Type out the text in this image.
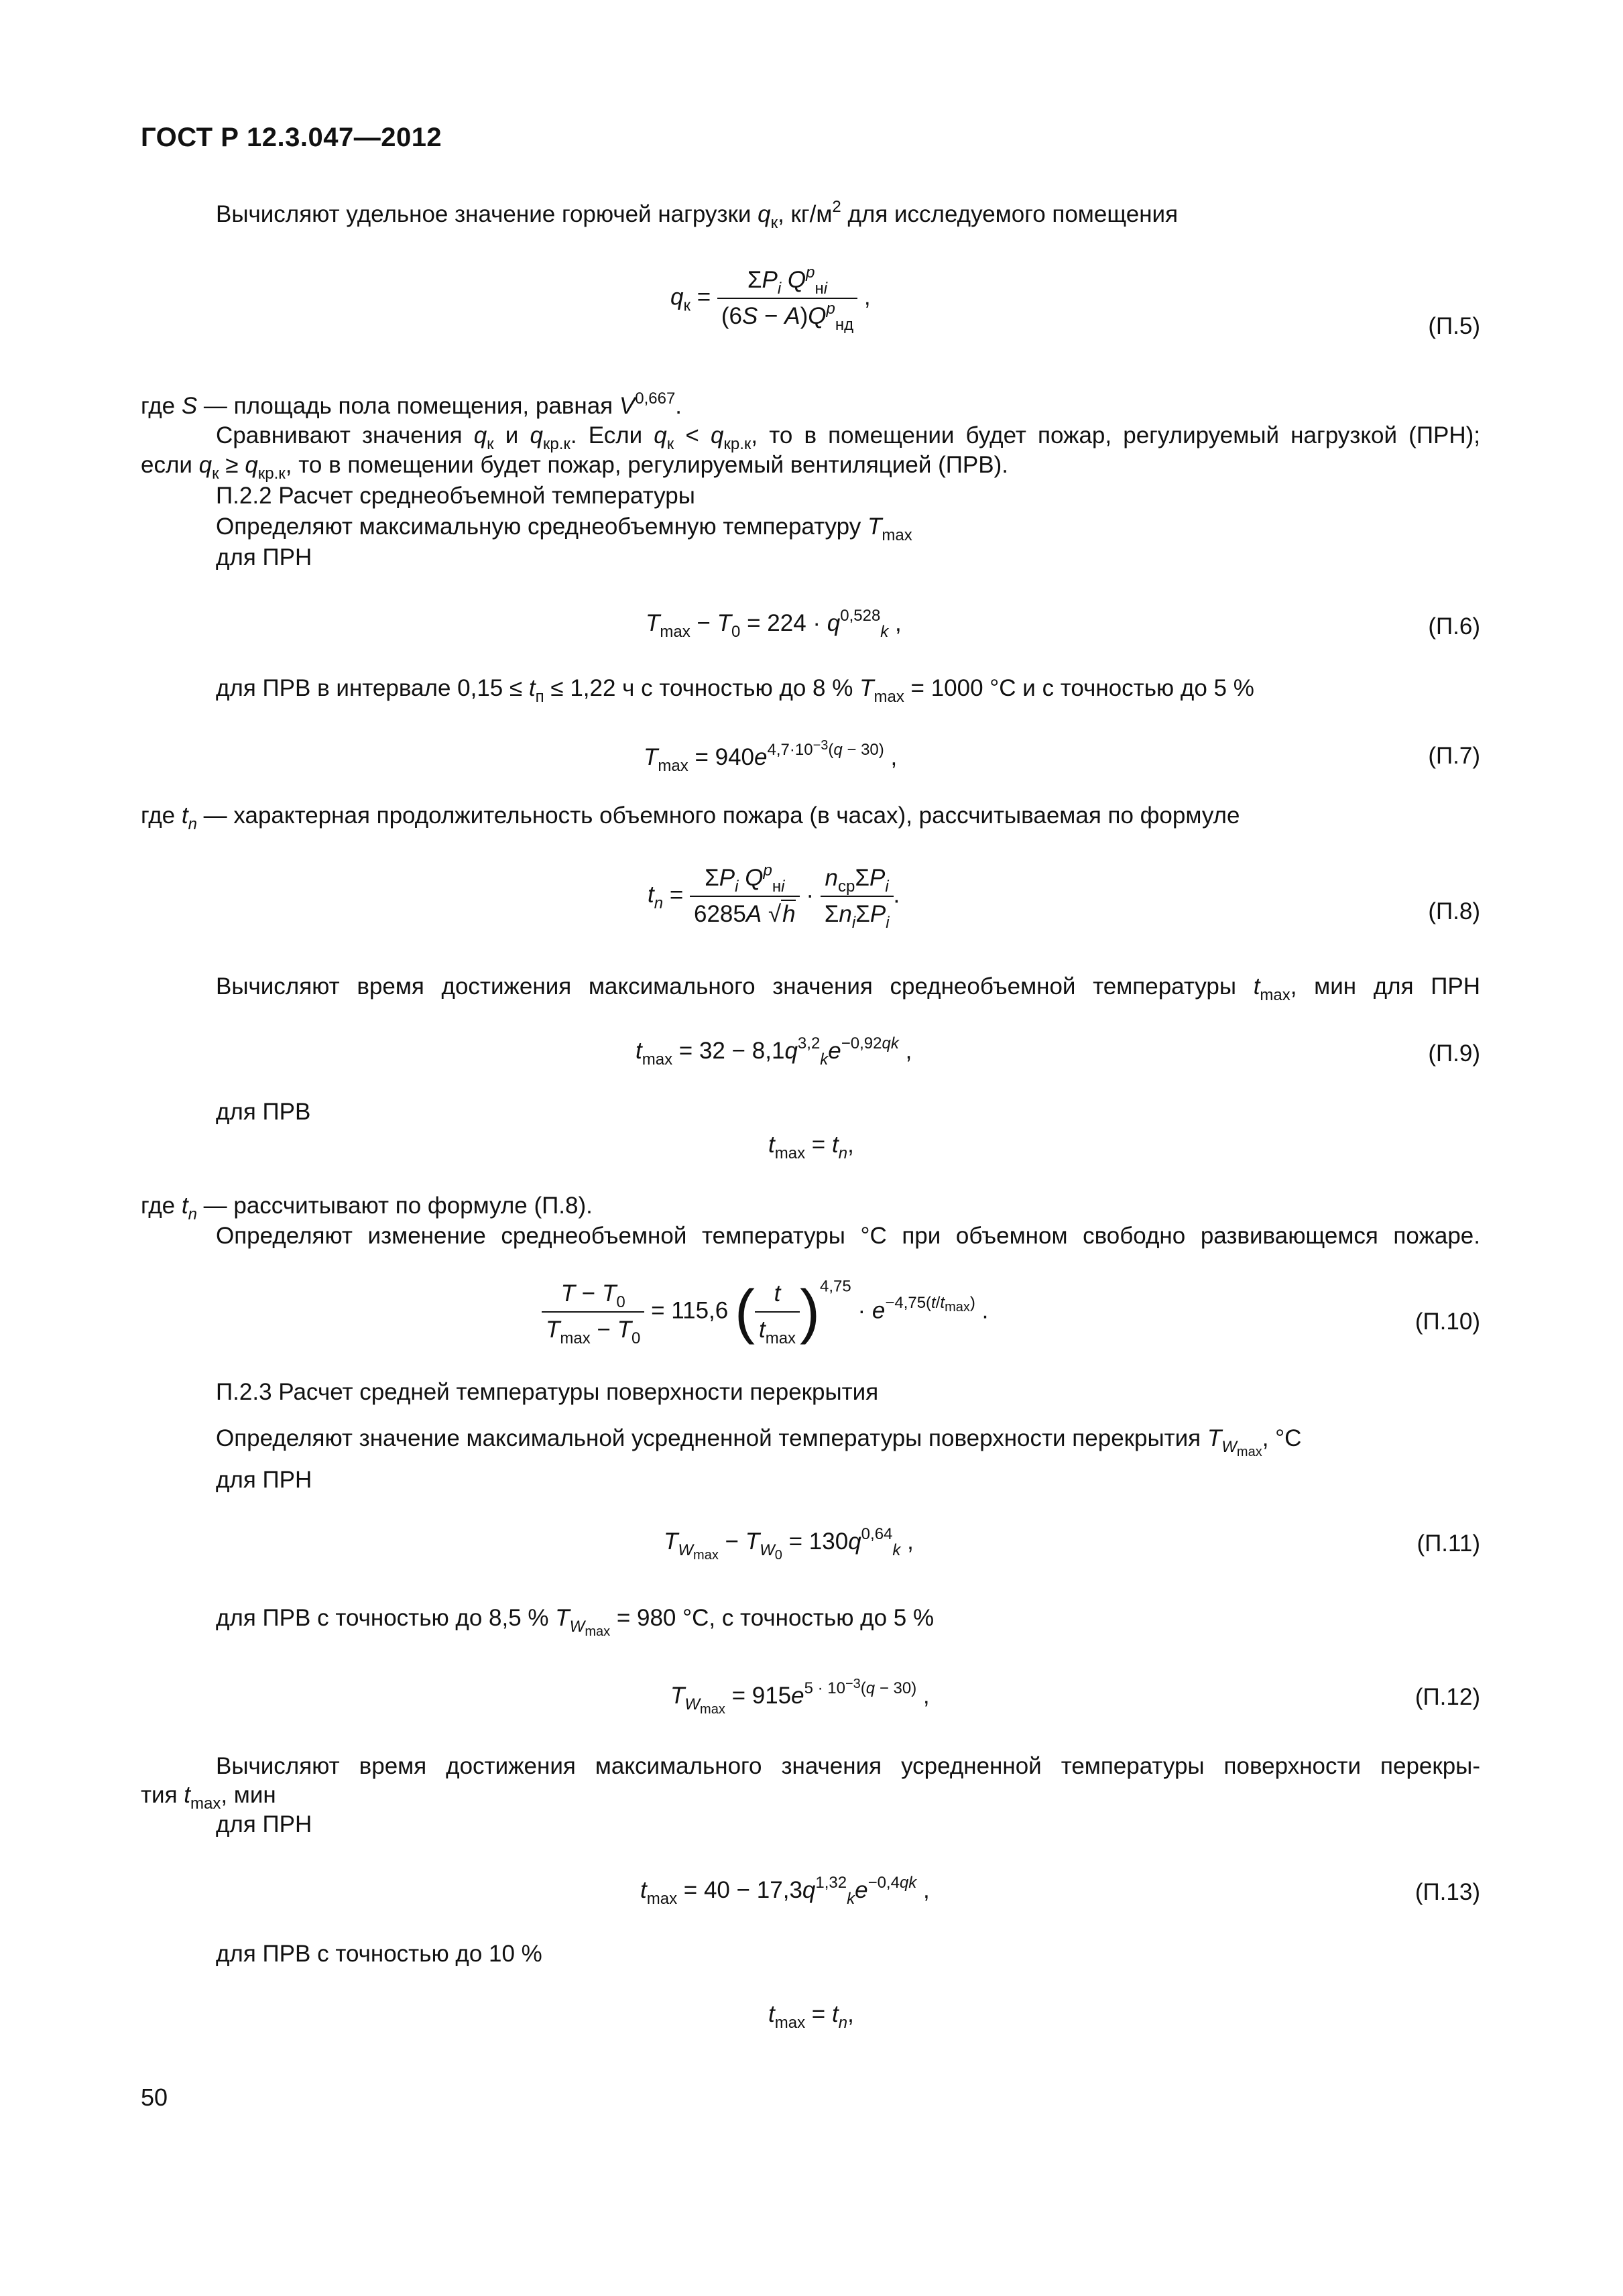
ГОСТ Р 12.3.047—2012
Вычисляют удельное значение горючей нагрузки $q_к$, $кг/м^2$ для исследуемого помещения
$q_к = \frac{\Sigma P_i Q^р_{нi}}{(6S - A)Q^р_{нд}}$ ,
(П.5)
где S — площадь пола помещения, равная V$^{0,667}$.
Сравнивают значения $q_к$ и $q_{кр.к}$. Если $q_к < q_{кр.к}$, то в помещении будет пожар, регулируемый нагрузкой (ПРН);
если $q_к \ge q_{кр.к}$, то в помещении будет пожар, регулируемый вентиляцией (ПРВ).
П.2.2 Расчет среднеобъемной температуры
Определяют максимальную среднеобъемную температуру $T_{max}$
для ПРН
$T_{max} - T_0 = 224 \cdot q^{0,528}_k$ ,	(П.6)
для ПРВ в интервале $0,15 \le t_п \le 1,22$ ч с точностью до 8 % $T_{max} = 1000$ °С и с точностью до 5 %
$T_{max} = 940e^{4,7\cdot 10^{-3}(q - 30)}$ ,	(П.7)
где $t_n$ — характерная продолжительность объемного пожара (в часах), рассчитываемая по формуле
$t_n = \frac{\Sigma P_i Q^р_{нi}}{6285A √h} \cdot \frac{n_{ср}\Sigma P_i}{\Sigma n_i\Sigma P_i}$ .
(П.8)
Вычисляют время достижения максимального значения среднеобъемной температуры $t_{max}$, мин для ПРН
$t_{max} = 32 - 8,1q^{3,2}_ke^{-0,92qk}$ ,	(П.9)
для ПРВ
$t_{max} = t_n$,
где $t_n$ — рассчитывают по формуле (П.8).
Определяют изменение среднеобъемной температуры °С при объемном свободно развивающемся пожаре.
$\frac{T - T_0}{T_{max} - T_0} = 115,6$ ( $\frac{t}{t_{max}} )^{4,75} \cdot e^{-4,75(t/t_{max})}$ .	(П.10)
П.2.3 Расчет средней температуры поверхности перекрытия
Определяют значение максимальной усредненной температуры поверхности перекрытия $T_{W_{max}}$, °С
для ПРН
$T_{W_{max}} - T_{W_0} = 130q^{0,64}_k$ ,	(П.11)
для ПРВ с точностью до 8,5 % $T_{W_{max}} = 980$ °С, с точностью до 5 %
$T_{W_{max}} = 915e^{5 \cdot 10^{-3}(q - 30)}$ ,	(П.12)
Вычисляют время достижения максимального значения усредненной температуры поверхности перекры-
тия $t_{max}$, мин
для ПРН
$t_{max} = 40 - 17,3q^{1,32}_ke^{-0,4qk}$ ,	(П.13)
для ПРВ с точностью до 10 %
$t_{max} = t_n$,
50
